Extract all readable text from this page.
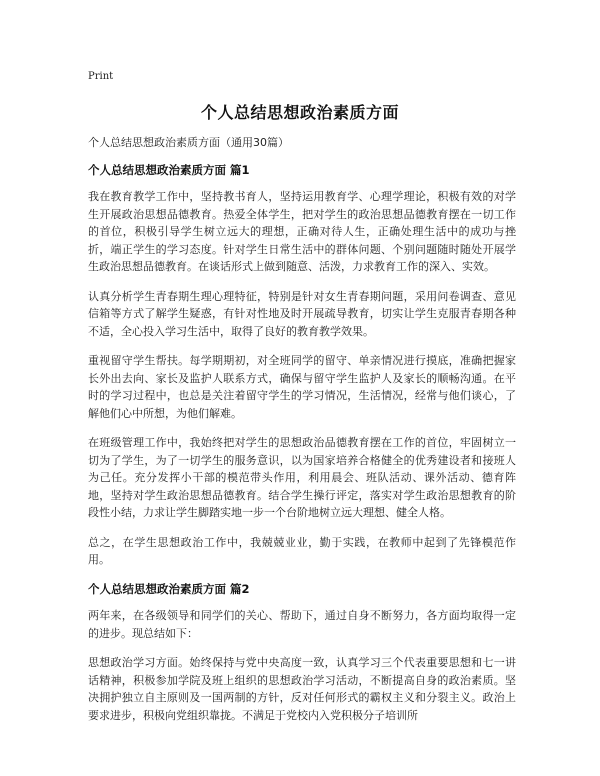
Print
个人总结思想政治素质方面

个人总结思想政治素质方面（通用30篇）

个人总结思想政治素质方面 篇1

我在教育教学工作中，坚持教书育人，坚持运用教育学、心理学理论，积极有效的对学生开展政治思想品德教育。热爱全体学生，把对学生的政治思想品德教育摆在一切工作的首位，积极引导学生树立远大的理想，正确对待人生，正确处理生活中的成功与挫折，端正学生的学习态度。针对学生日常生活中的群体问题、个别问题随时随处开展学生政治思想品德教育。在谈话形式上做到随意、活泼，力求教育工作的深入、实效。

认真分析学生青春期生理心理特征，特别是针对女生青春期问题，采用问卷调查、意见信箱等方式了解学生疑惑，有针对性地及时开展疏导教育，切实让学生克服青春期各种不适，全心投入学习生活中，取得了良好的教育教学效果。

重视留守学生帮扶。每学期期初，对全班同学的留守、单亲情况进行摸底，准确把握家长外出去向、家长及监护人联系方式，确保与留守学生监护人及家长的顺畅沟通。在平时的学习过程中，也总是关注着留守学生的学习情况，生活情况，经常与他们谈心，了解他们心中所想，为他们解难。

在班级管理工作中，我始终把对学生的思想政治品德教育摆在工作的首位，牢固树立一切为了学生，为了一切学生的服务意识，以为国家培养合格健全的优秀建设者和接班人为己任。充分发挥小干部的模范带头作用，利用晨会、班队活动、课外活动、德育阵地，坚持对学生政治思想品德教育。结合学生操行评定，落实对学生政治思想教育的阶段性小结，力求让学生脚踏实地一步一个台阶地树立远大理想、健全人格。

总之，在学生思想政治工作中，我兢兢业业，勤于实践，在教师中起到了先锋模范作用。

个人总结思想政治素质方面 篇2

两年来，在各级领导和同学们的关心、帮助下，通过自身不断努力，各方面均取得一定的进步。现总结如下：

思想政治学习方面。始终保持与党中央高度一致，认真学习三个代表重要思想和七一讲话精神，积极参加学院及班上组织的思想政治学习活动，不断提高自身的政治素质。坚决拥护独立自主原则及一国两制的方针，反对任何形式的霸权主义和分裂主义。政治上要求进步，积极向党组织靠拢。不满足于党校内入党积极分子培训所
